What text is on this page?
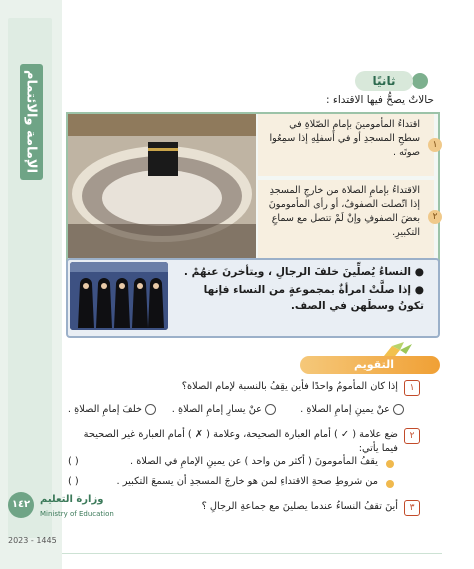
الإمامة والائتمام	ثانيًا
حالاتٌ يصحُّ فيها الاقتداء :

اقتداءُ المأمومينَ بإمامِ الصّلاةِ في سطحِ المسجدِ أو في أسفلِهِ إذا سمِعُوا صوتَه .

١

الاقتداءُ بإمامِ الصلاة من خارجِ المسجدِ إذا اتّصلت الصفوفُ، أو رأى المأمومونَ بعضَ الصفوفِ وإنْ لَمْ تتصل مع سماعِ التكبيرِ.

٢

● النساءُ يُصلِّينَ خلفَ الرجالِ ، ويتأخرنَ عنهُمْ .

● إذا صلَّتْ امرأةٌ بمجموعةٍ من النساء فإنها تكونُ وسطَهن في الصف.

التقويم
١
إذا كان المأمومُ واحدًا فأين يقِفُ بالنسبة لإمام الصلاة؟
عنْ يمينِ إمامِ الصلاةِ .
عنْ يسارِ إمامِ الصلاةِ .
خلفَ إمامِ الصلاةِ .
٢
ضع علامة ( ✓ ) أمام العبارة الصحيحة، وعلامة ( ✗ ) أمام العبارة غير الصحيحة فيما يأتي:
يقفُ المأمومونَ ( أكثر من واحد ) عن يمينِ الإمامِ في الصلاة .
( )
من شروطِ صحةِ الاقتداءِ لمن هو خارجَ المسجدِ أن يسمعَ التكبير .
( )
٣
أينَ تقفُ النساءُ عندما يصلينَ مع جماعةِ الرجالِ ؟
١٤٢ وزارة التعليم
Ministry of Education
2023 - 1445
